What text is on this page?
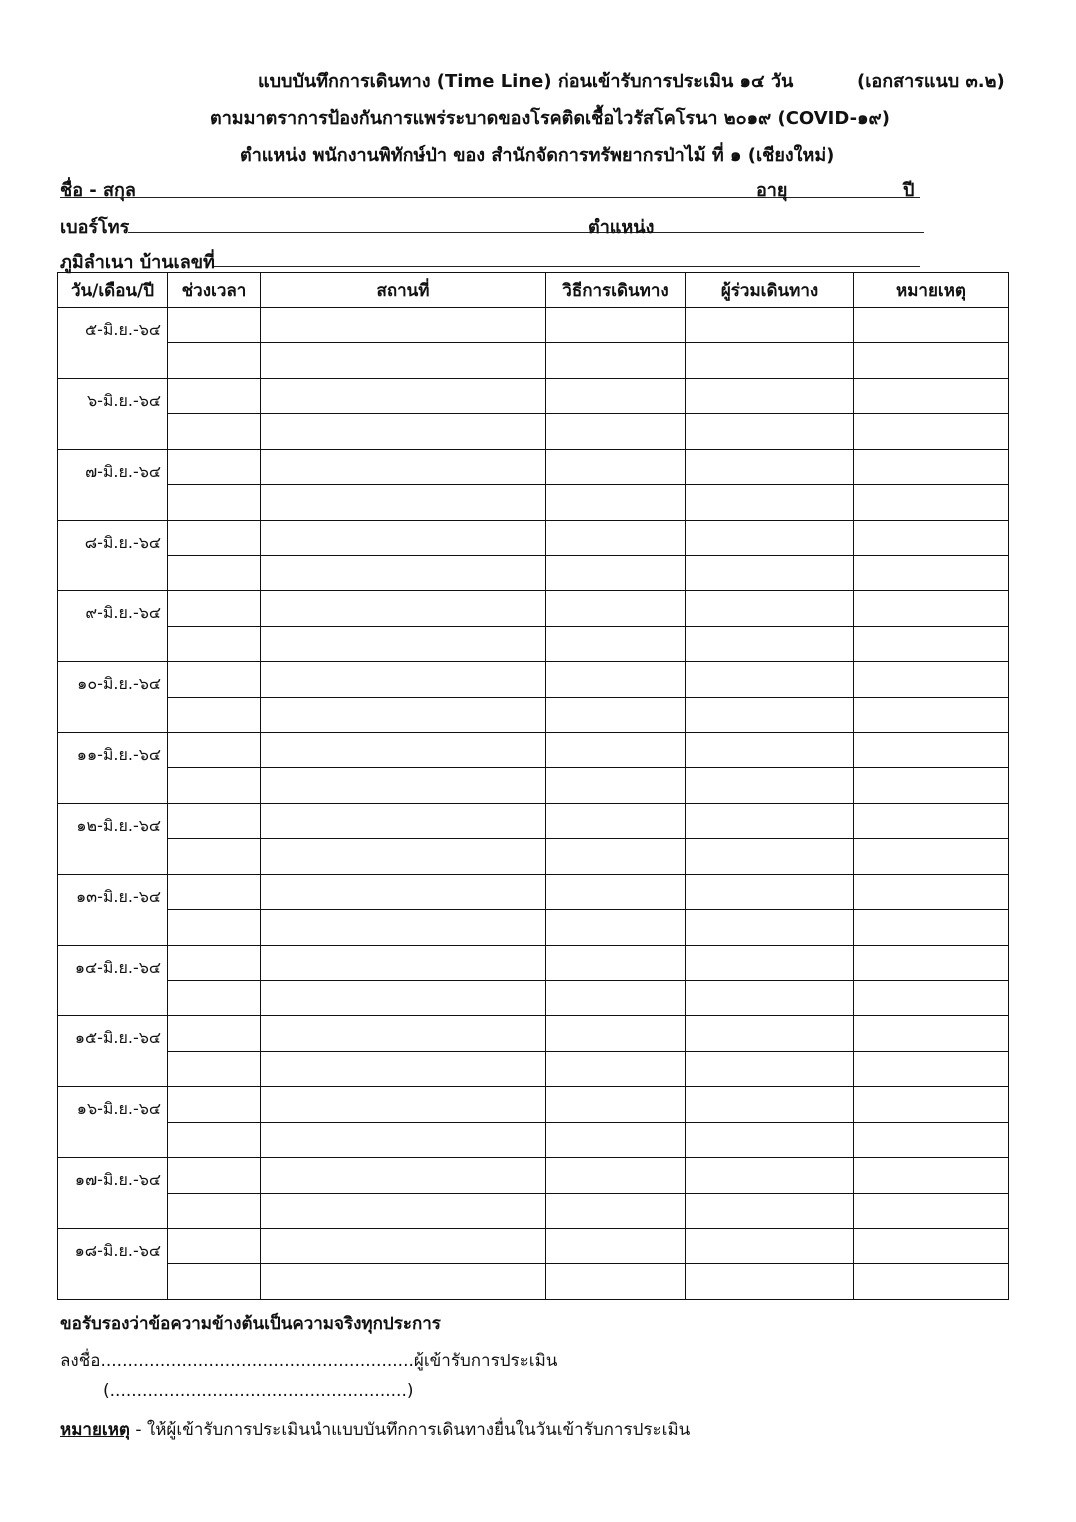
แบบบันทึกการเดินทาง (Time Line) ก่อนเข้ารับการประเมิน ๑๔ วัน	(เอกสารแนบ ๓.๒)
ตามมาตราการป้องกันการแพร่ระบาดของโรคติดเชื้อไวรัสโคโรนา ๒๐๑๙ (COVID-๑๙)
ตำแหน่ง พนักงานพิทักษ์ป่า ของ สำนักจัดการทรัพยากรป่าไม้ ที่ ๑ (เชียงใหม่)
ชื่อ - สกุล	อายุ	ปี
เบอร์โทร	ตำแหน่ง
ภูมิลำเนา บ้านเลขที่
วัน/เดือน/ปี	ช่วงเวลา	สถานที่	วิธีการเดินทาง	ผู้ร่วมเดินทาง	หมายเหตุ
๕-มิ.ย.-๖๔					

๖-มิ.ย.-๖๔					

๗-มิ.ย.-๖๔					

๘-มิ.ย.-๖๔					

๙-มิ.ย.-๖๔					

๑๐-มิ.ย.-๖๔					

๑๑-มิ.ย.-๖๔					

๑๒-มิ.ย.-๖๔					

๑๓-มิ.ย.-๖๔					

๑๔-มิ.ย.-๖๔					

๑๕-มิ.ย.-๖๔					

๑๖-มิ.ย.-๖๔					

๑๗-มิ.ย.-๖๔					

๑๘-มิ.ย.-๖๔					

ขอรับรองว่าข้อความข้างต้นเป็นความจริงทุกประการ
ลงชื่อ..........................................................ผู้เข้ารับการประเมิน
(.......................................................)
หมายเหตุ - ให้ผู้เข้ารับการประเมินนำแบบบันทึกการเดินทางยื่นในวันเข้ารับการประเมิน
